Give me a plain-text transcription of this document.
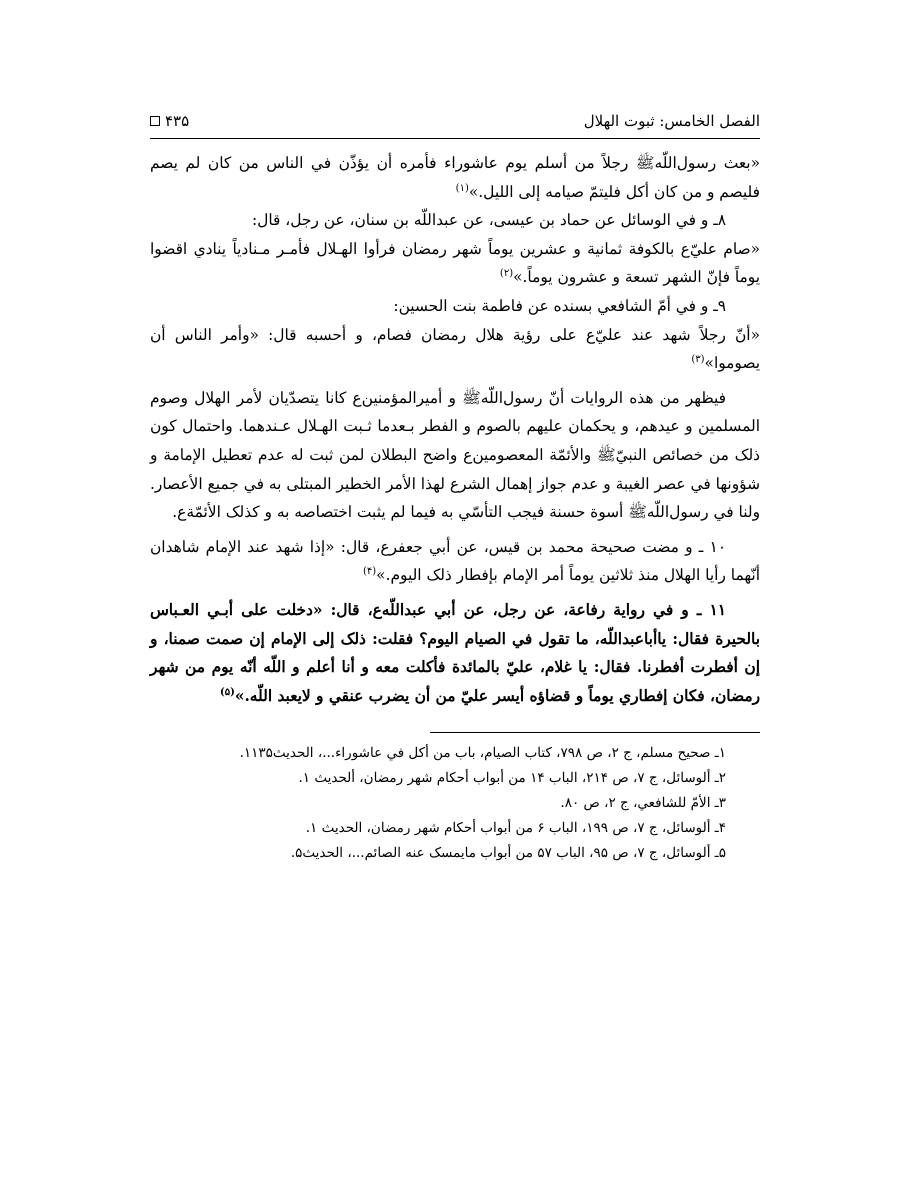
الفصل الخامس: ثبوت الهلال
۴۳۵

«بعث رسول‌اللّه‌ﷺ رجلاً من أسلم يوم عاشوراء فأمره أن يؤذّن في الناس من كان لم يصم فليصم و من كان أكل فليتمّ صيامه إلى الليل.»$^{(۱)}$

۸ـ و في الوسائل عن حماد بن عيسى، عن عبداللّه بن سنان، عن رجل، قال:

«صام عليّ‌ع بالكوفة ثمانية و عشرين يوماً شهر رمضان فرأوا الهـلال فأمـر مـنادياً ينادي اقضوا يوماً فإنّ الشهر تسعة و عشرون يوماً.»$^{(۲)}$

۹ـ و في أمّ الشافعي بسنده عن فاطمة بنت الحسين:

«أنّ رجلاً شهد عند عليّ‌ع على رؤية هلال رمضان فصام، و أحسبه قال: «وأمر الناس أن يصوموا»$^{(۳)}$

فيظهر من هذه الروايات أنّ رسول‌اللّه‌ﷺ و أميرالمؤمنين‌ع كانا يتصدّيان لأمر الهلال وصوم المسلمين و عيدهم، و يحكمان عليهم بالصوم و الفطر بـعدما ثـبت الهـلال عـندهما. واحتمال كون ذلک من خصائص النبيّ‌ﷺ والأئمّة المعصومين‌ع واضح البطلان لمن ثبت له عدم تعطيل الإمامة و شؤونها في عصر الغيبة و عدم جواز إهمال الشرع لهذا الأمر الخطير المبتلى به في جميع الأعصار. ولنا في رسول‌اللّه‌ﷺ أسوة حسنة فيجب التأسّي به فيما لم يثبت اختصاصه به و كذلک الأئمّة‌ع.

۱۰ ـ و مضت صحيحة محمد بن قيس، عن أبي جعفر‌ع، قال: «إذا شهد عند الإمام شاهدان أنّهما رأيا الهلال منذ ثلاثين يوماً أمر الإمام بإفطار ذلک اليوم.»$^{(۴)}$

۱۱ ـ و في رواية رفاعة، عن رجل، عن أبي عبداللّه‌ع، قال: «دخلت على أبـي العـباس بالحيرة فقال: ياأباعبداللّه، ما تقول في الصيام اليوم؟ فقلت: ذلک إلى الإمام إن صمت صمنا، و إن أفطرت أفطرنا. فقال: يا غلام، عليّ بالمائدة فأكلت معه و أنا أعلم و اللّه أنّه يوم من شهر رمضان، فكان إفطاري يوماً و قضاؤه أيسر عليّ من أن يضرب عنقي و لايعبد اللّه.»$^{(۵)}$

۱ـ صحيح مسلم، ج ۲، ص ۷۹۸، كتاب الصيام، باب من أكل في عاشوراء...، الحديث۱۱۳۵.
۲ـ ألوسائل، ج ۷، ص ۲۱۴، الباب ۱۴ من أبواب أحكام شهر رمضان، ألحديث ۱.
۳ـ الأمّ للشافعي، ج ۲، ص ۸۰.
۴ـ ألوسائل، ج ۷، ص ۱۹۹، الباب ۶ من أبواب أحكام شهر رمضان، الحديث ۱.
۵ـ ألوسائل، ج ۷، ص ۹۵، الباب ۵۷ من أبواب مايمسک عنه الصائم...، الحديث۵.
